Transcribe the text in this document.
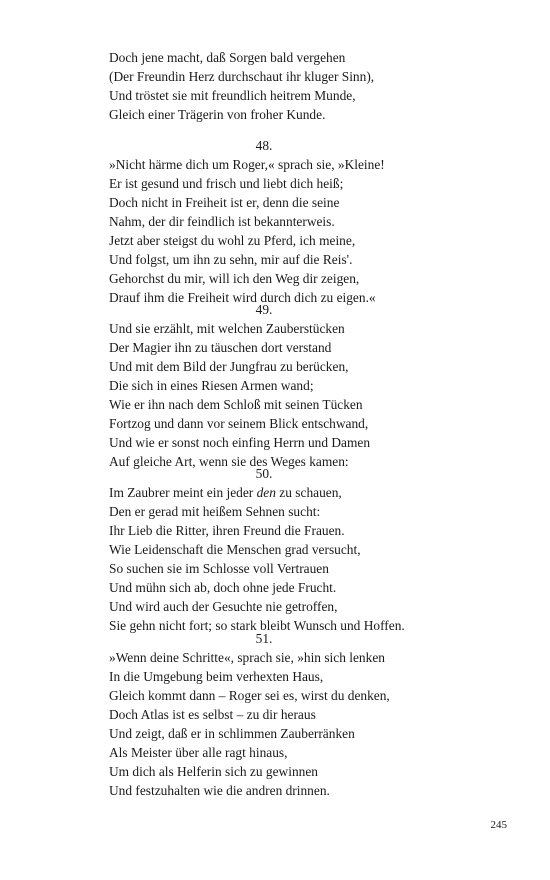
Doch jene macht, daß Sorgen bald vergehen
(Der Freundin Herz durchschaut ihr kluger Sinn),
Und tröstet sie mit freundlich heitrem Munde,
Gleich einer Trägerin von froher Kunde.
48.
»Nicht härme dich um Roger,« sprach sie, »Kleine!
Er ist gesund und frisch und liebt dich heiß;
Doch nicht in Freiheit ist er, denn die seine
Nahm, der dir feindlich ist bekannterweis.
Jetzt aber steigst du wohl zu Pferd, ich meine,
Und folgst, um ihn zu sehn, mir auf die Reis'.
Gehorchst du mir, will ich den Weg dir zeigen,
Drauf ihm die Freiheit wird durch dich zu eigen.«
49.
Und sie erzählt, mit welchen Zauberstücken
Der Magier ihn zu täuschen dort verstand
Und mit dem Bild der Jungfrau zu berücken,
Die sich in eines Riesen Armen wand;
Wie er ihn nach dem Schloß mit seinen Tücken
Fortzog und dann vor seinem Blick entschwand,
Und wie er sonst noch einfing Herrn und Damen
Auf gleiche Art, wenn sie des Weges kamen:
50.
Im Zaubrer meint ein jeder den zu schauen,
Den er gerad mit heißem Sehnen sucht:
Ihr Lieb die Ritter, ihren Freund die Frauen.
Wie Leidenschaft die Menschen grad versucht,
So suchen sie im Schlosse voll Vertrauen
Und mühn sich ab, doch ohne jede Frucht.
Und wird auch der Gesuchte nie getroffen,
Sie gehn nicht fort; so stark bleibt Wunsch und Hoffen.
51.
»Wenn deine Schritte«, sprach sie, »hin sich lenken
In die Umgebung beim verhexten Haus,
Gleich kommt dann – Roger sei es, wirst du denken,
Doch Atlas ist es selbst – zu dir heraus
Und zeigt, daß er in schlimmen Zauberränken
Als Meister über alle ragt hinaus,
Um dich als Helferin sich zu gewinnen
Und festzuhalten wie die andren drinnen.
245
